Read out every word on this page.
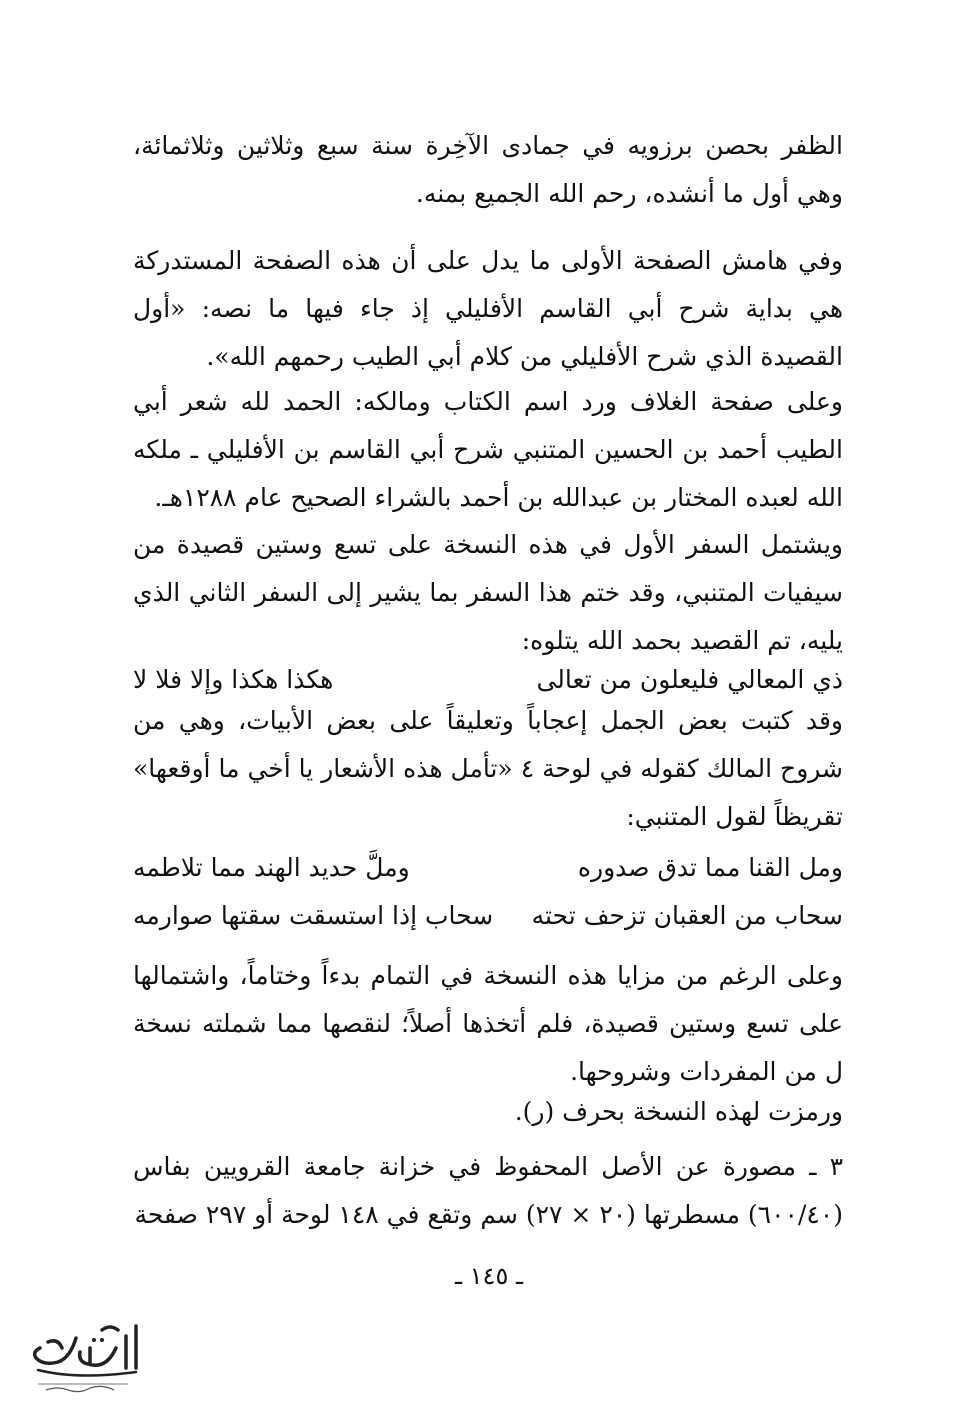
الظفر بحصن برزويه في جمادى الآخِرة سنة سبع وثلاثين وثلاثمائة، وهي أول ما أنشده، رحم الله الجميع بمنه.

وفي هامش الصفحة الأولى ما يدل على أن هذه الصفحة المستدركة هي بداية شرح أبي القاسم الأفليلي إذ جاء فيها ما نصه: «أول القصيدة الذي شرح الأفليلي من كلام أبي الطيب رحمهم الله».

وعلى صفحة الغلاف ورد اسم الكتاب ومالكه: الحمد لله شعر أبي الطيب أحمد بن الحسين المتنبي شرح أبي القاسم بن الأفليلي ـ ملكه الله لعبده المختار بن عبدالله بن أحمد بالشراء الصحيح عام ١٢٨٨هـ.

ويشتمل السفر الأول في هذه النسخة على تسع وستين قصيدة من سيفيات المتنبي، وقد ختم هذا السفر بما يشير إلى السفر الثاني الذي يليه، تم القصيد بحمد الله يتلوه:

ذي المعالي فليعلون من تعالى
هكذا هكذا وإلا فلا لا

وقد كتبت بعض الجمل إعجاباً وتعليقاً على بعض الأبيات، وهي من شروح المالك كقوله في لوحة ٤ «تأمل هذه الأشعار يا أخي ما أوقعها» تقريظاً لقول المتنبي:

ومل القنا مما تدق صدوره
وملَّ حديد الهند مما تلاطمه
سحاب من العقبان تزحف تحته
سحاب إذا استسقت سقتها صوارمه

وعلى الرغم من مزايا هذه النسخة في التمام بدءاً وختاماً، واشتمالها على تسع وستين قصيدة، فلم أتخذها أصلاً؛ لنقصها مما شملته نسخة ل من المفردات وشروحها.

ورمزت لهذه النسخة بحرف (ر).

٣ ـ مصورة عن الأصل المحفوظ في خزانة جامعة القرويين بفاس (٦٠٠/٤٠) مسطرتها (٢٠ × ٢٧) سم وتقع في ١٤٨ لوحة أو ٢٩٧ صفحة

ـ ١٤٥ ـ
